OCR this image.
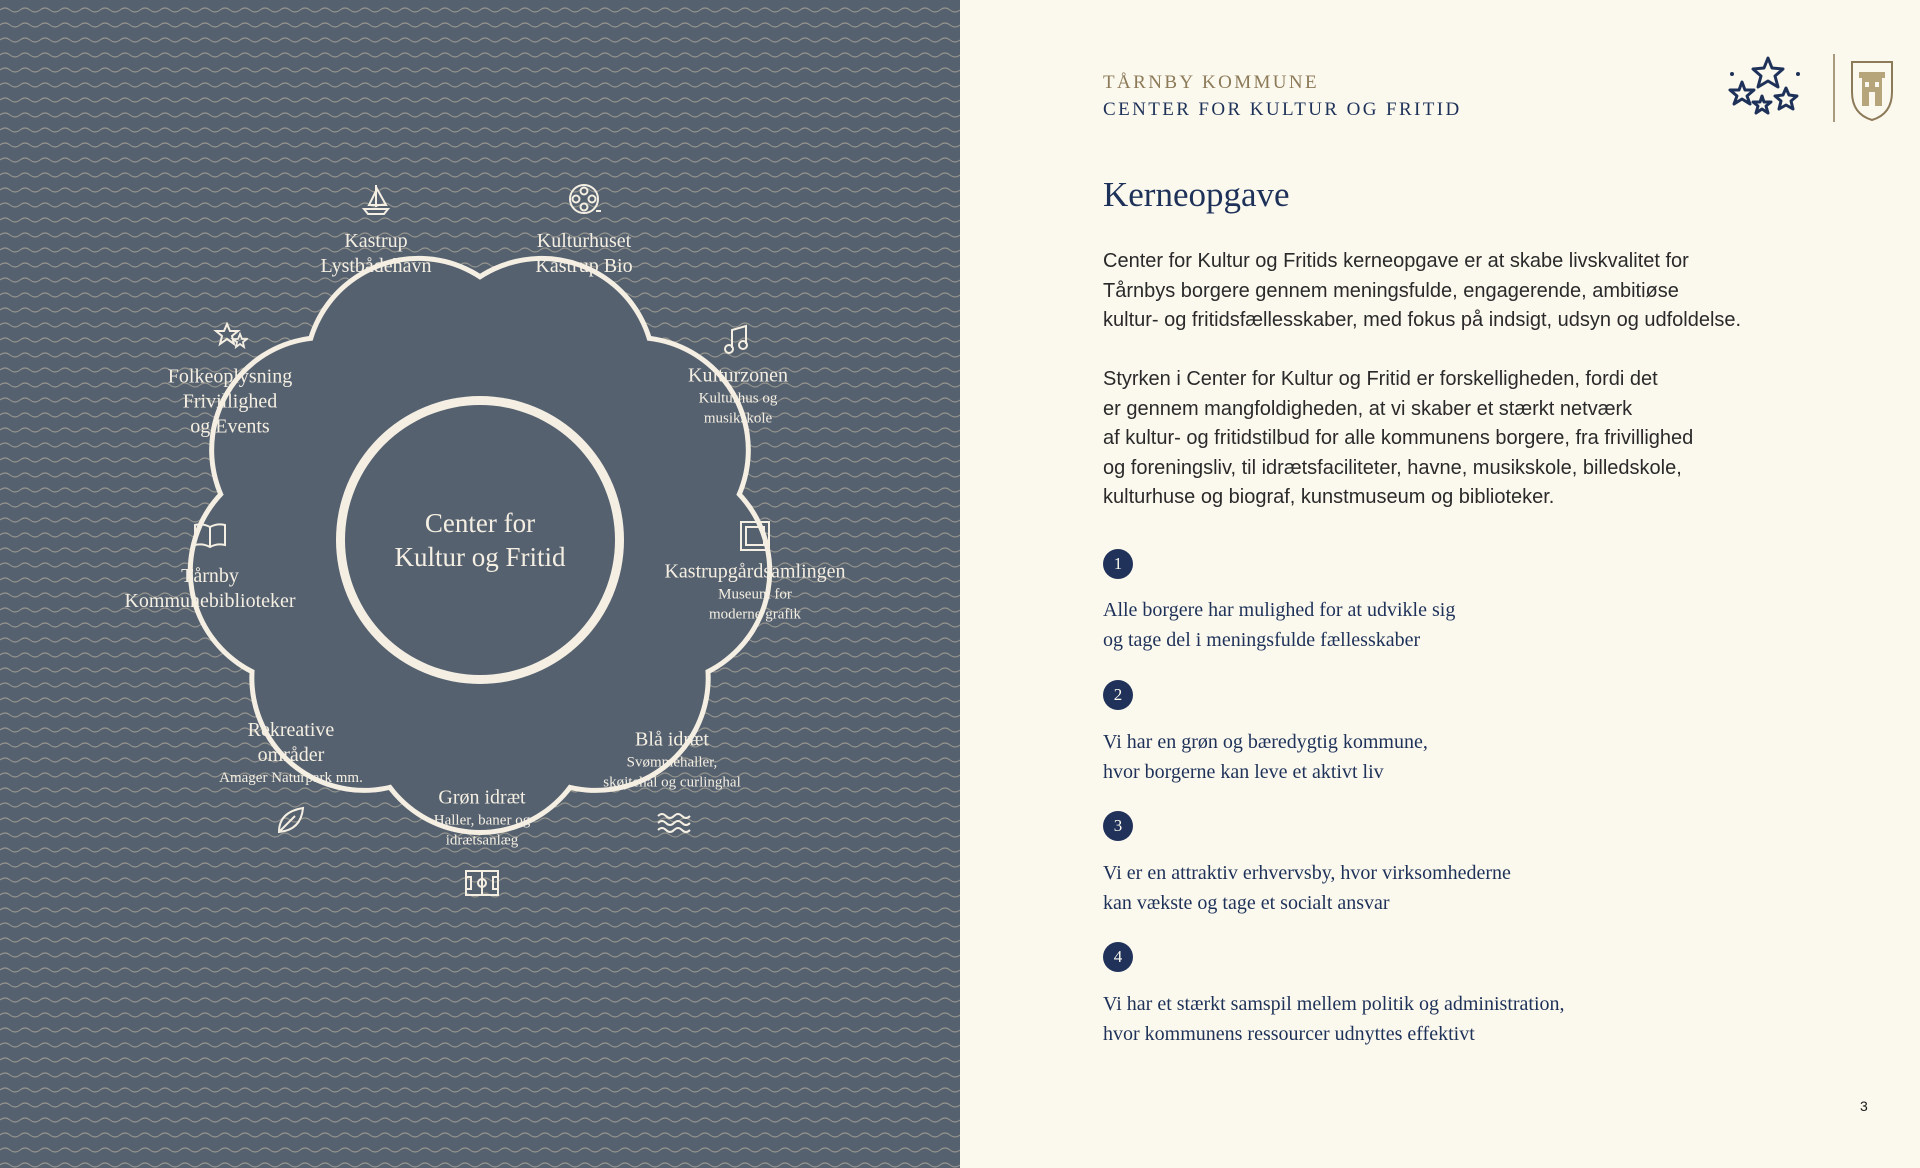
Kastrup
Lystbådehavn
Kulturhuset
Kastrup Bio
Kulturzonen
Kulturhus og
musikskole
Kastrupgårdsamlingen
Museum for
moderne grafik
Blå idræt
Svømmehaller,
skøjtehal og curlinghal
Grøn idræt
Haller, baner og
idrætsanlæg
Rekreative
områder
Amager Naturpark mm.
Tårnby
Kommunebiblioteker
Folkeoplysning
Frivillighed
og Events
Center for
Kultur og Fritid
TÅRNBY KOMMUNE
CENTER FOR KULTUR OG FRITID
Kerneopgave
Center for Kultur og Fritids kerneopgave er at skabe livskvalitet for
Tårnbys borgere gennem meningsfulde, engagerende, ambitiøse
kultur- og fritidsfællesskaber, med fokus på indsigt, udsyn og udfoldelse.
Styrken i Center for Kultur og Fritid er forskelligheden, fordi det
er gennem mangfoldigheden, at vi skaber et stærkt netværk
af kultur- og fritidstilbud for alle kommunens borgere, fra frivillighed
og foreningsliv, til idrætsfaciliteter, havne, musikskole, billedskole,
kulturhuse og biograf, kunstmuseum og biblioteker.
1
Alle borgere har mulighed for at udvikle sig
og tage del i meningsfulde fællesskaber
2
Vi har en grøn og bæredygtig kommune,
hvor borgerne kan leve et aktivt liv
3
Vi er en attraktiv erhvervsby, hvor virksomhederne
kan vækste og tage et socialt ansvar
4
Vi har et stærkt samspil mellem politik og administration,
hvor kommunens ressourcer udnyttes effektivt
3
